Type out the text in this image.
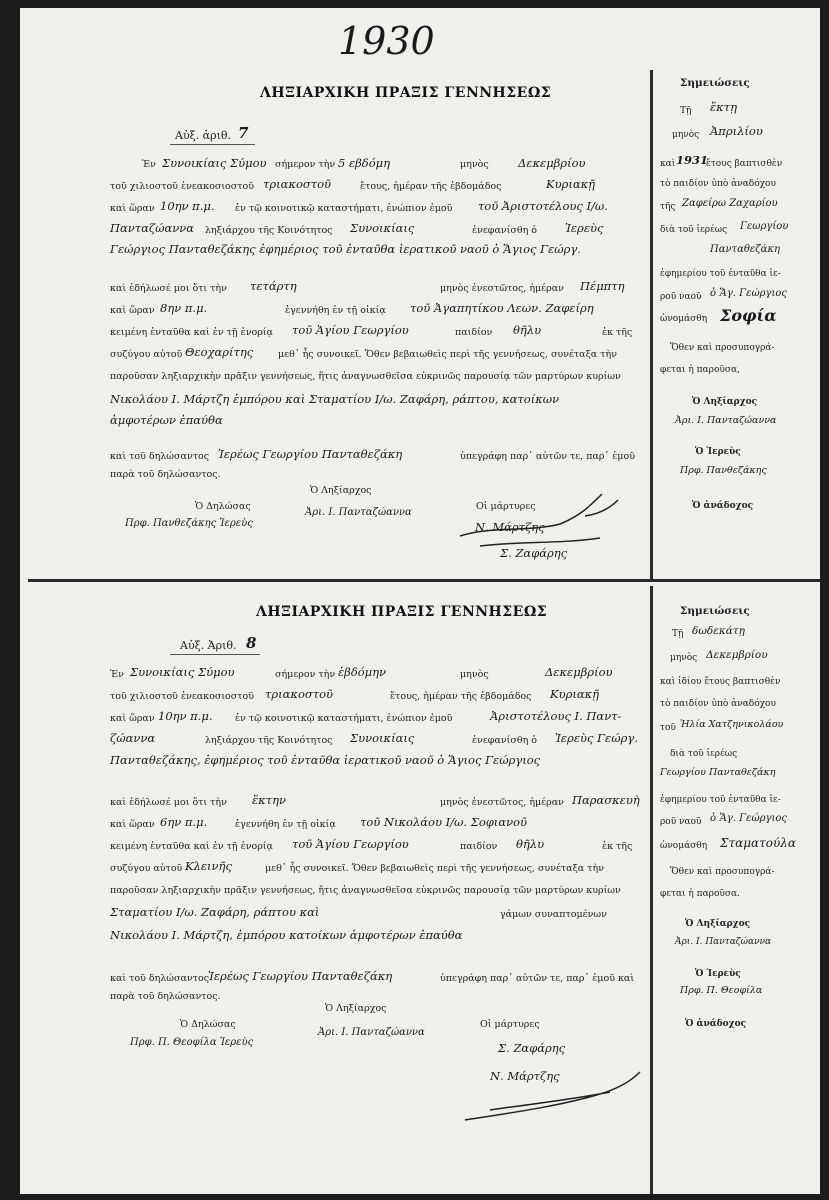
1930
ΛΗΞΙΑΡΧΙΚΗ ΠΡΑΞΙΣ ΓΕΝΝΗΣΕΩΣ
Αὐξ. ἀριθ. 7
Ἐν Συνοικίαις Σύμου σήμερον τὴν 5 εβδόμη	μηνὸς	Δεκεμβρίου
τοῦ χιλιοστοῦ ἐνεακοσιοστοῦ τριακοστοῦ	ἔτους, ἡμέραν τῆς ἑβδομάδος	Κυριακῇ
καὶ ὥραν 10ην π.μ. ἐν τῷ κοινοτικῷ καταστήματι, ἐνώπιον ἐμοῦ τοῦ Ἀριστοτέλους Ι/ω.
Πανταζώαννα ληξιάρχου τῆς Κοινότητος Συνοικίαις	ἐνεφανίσθη ὁ Ἱερεὺς
Γεώργιος Πανταθεζάκης ἐφημέριος τοῦ ἐνταῦθα ἱερατικοῦ ναοῦ ὁ Ἅγιος Γεώργ.
καὶ ἐδήλωσέ μοι ὅτι τὴν τετάρτη	μηνὸς ἐνεστῶτος, ἡμέραν Πέμπτη
καὶ ὥραν 8ην π.μ.	ἐγεννήθη ἐν τῇ οἰκίᾳ τοῦ Ἀγαπητίκου Λεων. Ζαφείρη
κειμένη ἐνταῦθα καὶ ἐν τῇ ἐνορίᾳ τοῦ Ἁγίου Γεωργίου	παιδίον θῆλυ	ἐκ τῆς
συζύγου αὐτοῦ Θεοχαρίτης	μεθ᾽ ἧς συνοικεῖ. Ὅθεν βεβαιωθεὶς περὶ τῆς γεννήσεως, συνέταξα τὴν
παροῦσαν ληξιαρχικὴν πρᾶξιν γεννήσεως, ἥτις ἀναγνωσθεῖσα εὐκρινῶς παρουσίᾳ τῶν μαρτύρων κυρίων
Νικολάου Ι. Μάρτζη ἐμπόρου καὶ Σταματίου Ι/ω. Ζαφάρη, ράπτου, κατοίκων
ἀμφοτέρων ἐπαύθα
καὶ τοῦ δηλώσαντος Ἱερέως Γεωργίου Πανταθεζάκη	ὑπεγράφη παρ᾽ αὐτῶν τε, παρ᾽ ἐμοῦ
παρὰ τοῦ δηλώσαντος.
Ὁ Δηλώσας
Ὁ Ληξίαρχος
Οἱ μάρτυρες
Πρφ. Πανθεζάκης Ἱερεὺς
Ἀρι. Ι. Πανταζώαννα
Ν. Μάρτζης
Σ. Ζαφάρης
Σημειώσεις
Τῇ ἕκτῃ
μηνὸς Ἀπριλίου
καὶ 1931
ἔτους βαπτισθὲν
τὸ παιδίον ὑπὸ ἀναδόχου
τῆς Ζαφείρω Ζαχαρίου
διὰ τοῦ ἱερέως Γεωργίου
Πανταθεζάκη
ἐφημερίου τοῦ ἐνταῦθα ἱε-
ροῦ ναοῦ ὁ Ἅγ. Γεώργιος
ὠνομάσθη Σοφία
Ὅθεν καὶ προσυπογρά-
φεται ἡ παροῦσα,
Ὁ Ληξίαρχος
Ἀρι. Ι. Πανταζώαννα
Ὁ Ἱερεὺς
Πρφ. Πανθεζάκης
Ὁ ἀνάδοχος
ΛΗΞΙΑΡΧΙΚΗ ΠΡΑΞΙΣ ΓΕΝΝΗΣΕΩΣ
Αὐξ. Ἀριθ. 8
Ἐν Συνοικίαις Σύμου	σήμερον τὴν ἑβδόμην	μηνὸς	Δεκεμβρίου
τοῦ χιλιοστοῦ ἐνεακοσιοστοῦ τριακοστοῦ	ἔτους, ἡμέραν τῆς ἑβδομάδος Κυριακῇ
καὶ ὥραν 10ην π.μ. ἐν τῷ κοινοτικῷ καταστήματι, ἐνώπιον ἐμοῦ	Ἀριστοτέλους Ι. Παντ-
ζώαννα	ληξιάρχου τῆς Κοινότητος Συνοικίαις	ἐνεφανίσθη ὁ Ἱερεὺς Γεώργ.
Πανταθεζάκης, ἐφημέριος τοῦ ἐνταῦθα ἱερατικοῦ ναοῦ ὁ Ἅγιος Γεώργιος
καὶ ἐδήλωσέ μοι ὅτι τὴν ἕκτην	μηνὸς ἐνεστῶτος, ἡμέραν Παρασκευὴ
καὶ ὥραν 6ην π.μ.	ἐγεννήθη ἐν τῇ οἰκίᾳ τοῦ Νικολάου Ι/ω. Σοφιανοῦ
κειμένη ἐνταῦθα καὶ ἐν τῇ ἐνορίᾳ τοῦ Ἁγίου Γεωργίου	παιδίον θῆλυ	ἐκ τῆς
συζύγου αὐτοῦ Κλεινῆς	μεθ᾽ ἧς συνοικεῖ. Ὅθεν βεβαιωθεὶς περὶ τῆς γεννήσεως, συνέταξα τὴν
παροῦσαν ληξιαρχικὴν πρᾶξιν γεννήσεως, ἥτις ἀναγνωσθεῖσα εὐκρινῶς παρουσίᾳ τῶν μαρτύρων κυρίων
Σταματίου Ι/ω. Ζαφάρη, ράπτου καὶ	γάμων συναπτομένων
Νικολάου Ι. Μάρτζη, ἐμπόρου κατοίκων ἀμφοτέρων ἐπαύθα
καὶ τοῦ δηλώσαντος
Ἱερέως Γεωργίου Πανταθεζάκη	ὑπεγράφη παρ᾽ αὐτῶν τε, παρ᾽ ἐμοῦ καὶ
παρὰ τοῦ δηλώσαντος.
Ὁ Δηλώσας
Ὁ Ληξίαρχος
Οἱ μάρτυρες
Πρφ. Π. Θεοφίλα Ἱερεὺς
Ἀρι. Ι. Πανταζώαννα
Σ. Ζαφάρης
Ν. Μάρτζης
Σημειώσεις
Τῇ δωδεκάτῃ
μηνὸς Δεκεμβρίου
καὶ ἰδίου ἔτους βαπτισθὲν
τὸ παιδίον ὑπὸ ἀναδόχου
τοῦ Ἠλία Χατζηνικολάου
διὰ τοῦ ἱερέως
Γεωργίου Πανταθεζάκη
ἐφημερίου τοῦ ἐνταῦθα ἱε-
ροῦ ναοῦ ὁ Ἅγ. Γεώργιος
ὠνομάσθη Σταματούλα
Ὅθεν καὶ προσυπογρά-
φεται ἡ παροῦσα.
Ὁ Ληξίαρχος
Ἀρι. Ι. Πανταζώαννα
Ὁ Ἱερεὺς
Πρφ. Π. Θεοφίλα
Ὁ ἀνάδοχος
